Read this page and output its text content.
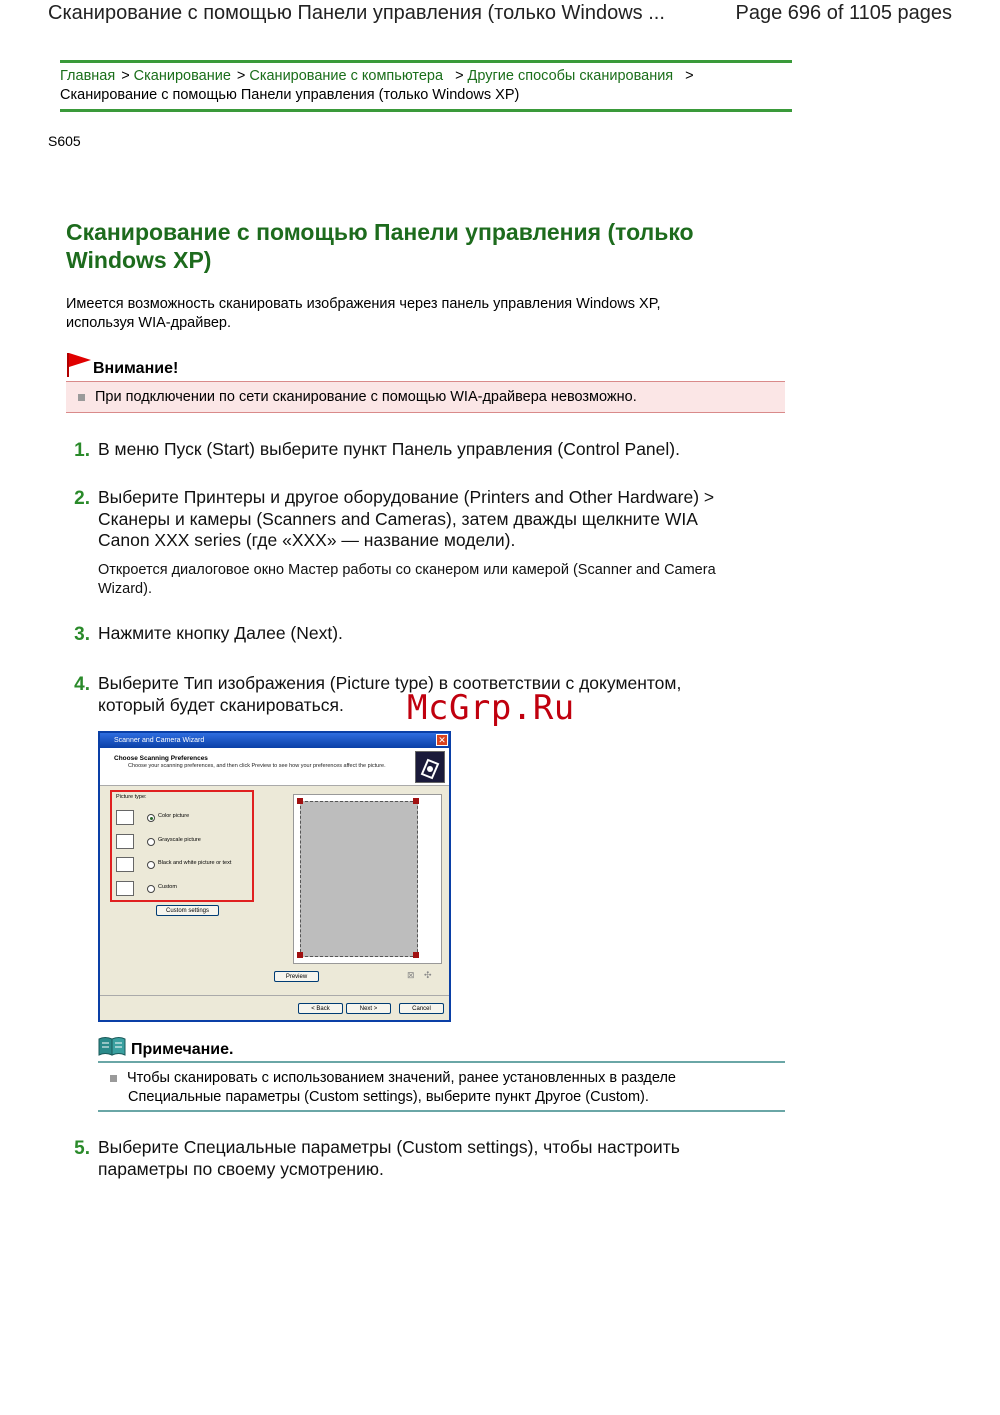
Сканирование с помощью Панели управления (только Windows ...	Page 696 of 1105 pages
Главная > Сканирование > Сканирование с компьютера > Другие способы сканирования >
Сканирование с помощью Панели управления (только Windows XP)
S605
Сканирование с помощью Панели управления (только Windows XP)
Имеется возможность сканировать изображения через панель управления Windows XP,
используя WIA-драйвер.
Внимание!
При подключении по сети сканирование с помощью WIA-драйвера невозможно.
1. В меню Пуск (Start) выберите пункт Панель управления (Control Panel).
2. Выберите Принтеры и другое оборудование (Printers and Other Hardware) >
Сканеры и камеры (Scanners and Cameras), затем дважды щелкните WIA
Canon XXX series (где «XXX» — название модели).
Откроется диалоговое окно Мастер работы со сканером или камерой (Scanner and Camera
Wizard).
3. Нажмите кнопку Далее (Next).
4. Выберите Тип изображения (Picture type) в соответствии с документом,
который будет сканироваться.	McGrp.Ru
Scanner and Camera Wizard	✕
Choose Scanning Preferences
Choose your scanning preferences, and then click Preview to see how your preferences affect the picture.
Picture type:
Color picture
Grayscale picture
Black and white picture or text
Custom
Custom settings
Preview	⊠ ✣
< Back	Next >	Cancel
Примечание.
Чтобы сканировать с использованием значений, ранее установленных в разделе
Специальные параметры (Custom settings), выберите пункт Другое (Custom).
5. Выберите Специальные параметры (Custom settings), чтобы настроить
параметры по своему усмотрению.
